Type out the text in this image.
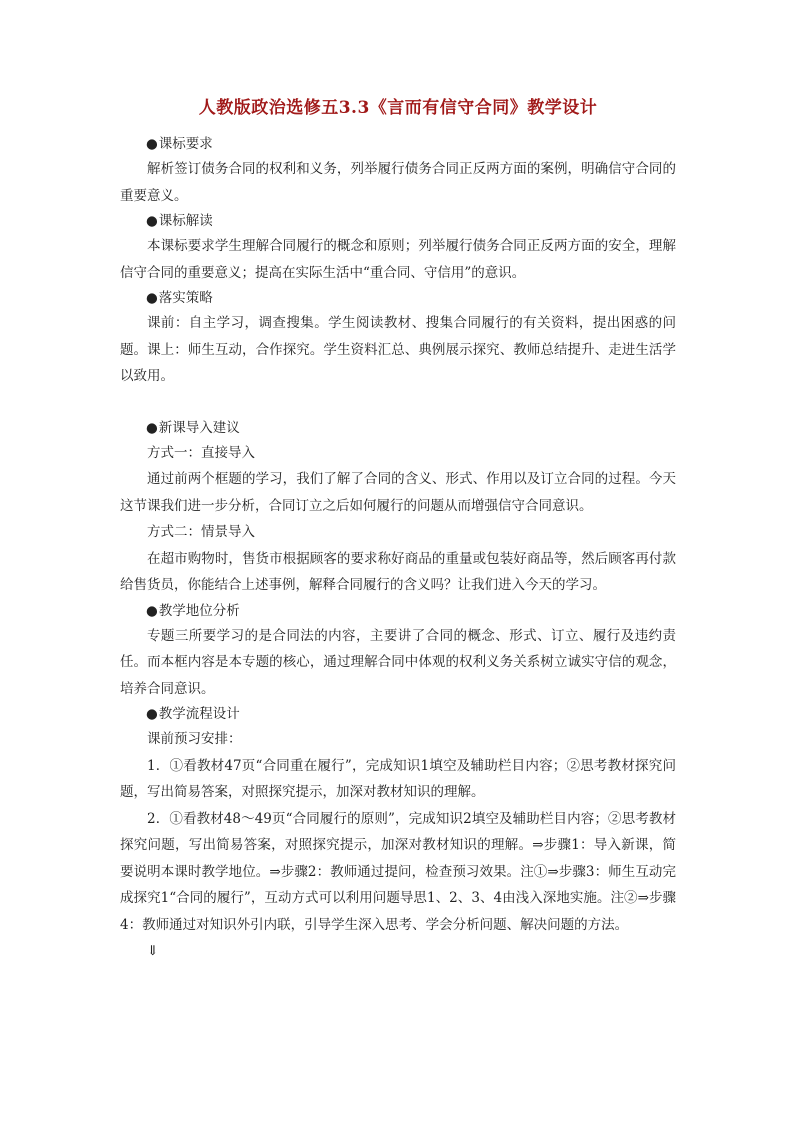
人教版政治选修五3.3《言而有信守合同》教学设计

●课标要求

解析签订债务合同的权利和义务，列举履行债务合同正反两方面的案例，明确信守合同的重要意义。

●课标解读

本课标要求学生理解合同履行的概念和原则；列举履行债务合同正反两方面的安全，理解信守合同的重要意义；提高在实际生活中“重合同、守信用”的意识。

●落实策略

课前：自主学习，调查搜集。学生阅读教材、搜集合同履行的有关资料，提出困惑的问题。课上：师生互动，合作探究。学生资料汇总、典例展示探究、教师总结提升、走进生活学以致用。

●新课导入建议

方式一：直接导入

通过前两个框题的学习，我们了解了合同的含义、形式、作用以及订立合同的过程。今天这节课我们进一步分析，合同订立之后如何履行的问题从而增强信守合同意识。

方式二：情景导入

在超市购物时，售货市根据顾客的要求称好商品的重量或包装好商品等，然后顾客再付款给售货员，你能结合上述事例，解释合同履行的含义吗？让我们进入今天的学习。

●教学地位分析

专题三所要学习的是合同法的内容，主要讲了合同的概念、形式、订立、履行及违约责任。而本框内容是本专题的核心，通过理解合同中体观的权利义务关系树立诚实守信的观念，培养合同意识。

●教学流程设计

课前预习安排：

1．①看教材47页“合同重在履行”，完成知识1填空及辅助栏目内容；②思考教材探究问题，写出简易答案，对照探究提示，加深对教材知识的理解。

2．①看教材48～49页“合同履行的原则”，完成知识2填空及辅助栏目内容；②思考教材探究问题，写出简易答案，对照探究提示，加深对教材知识的理解。⇒步骤1：导入新课，简要说明本课时教学地位。⇒步骤2：教师通过提问，检查预习效果。注①⇒步骤3：师生互动完成探究1“合同的履行”，互动方式可以利用问题导思1、2、3、4由浅入深地实施。注②⇒步骤4：教师通过对知识外引内联，引导学生深入思考、学会分析问题、解决问题的方法。

⇓
